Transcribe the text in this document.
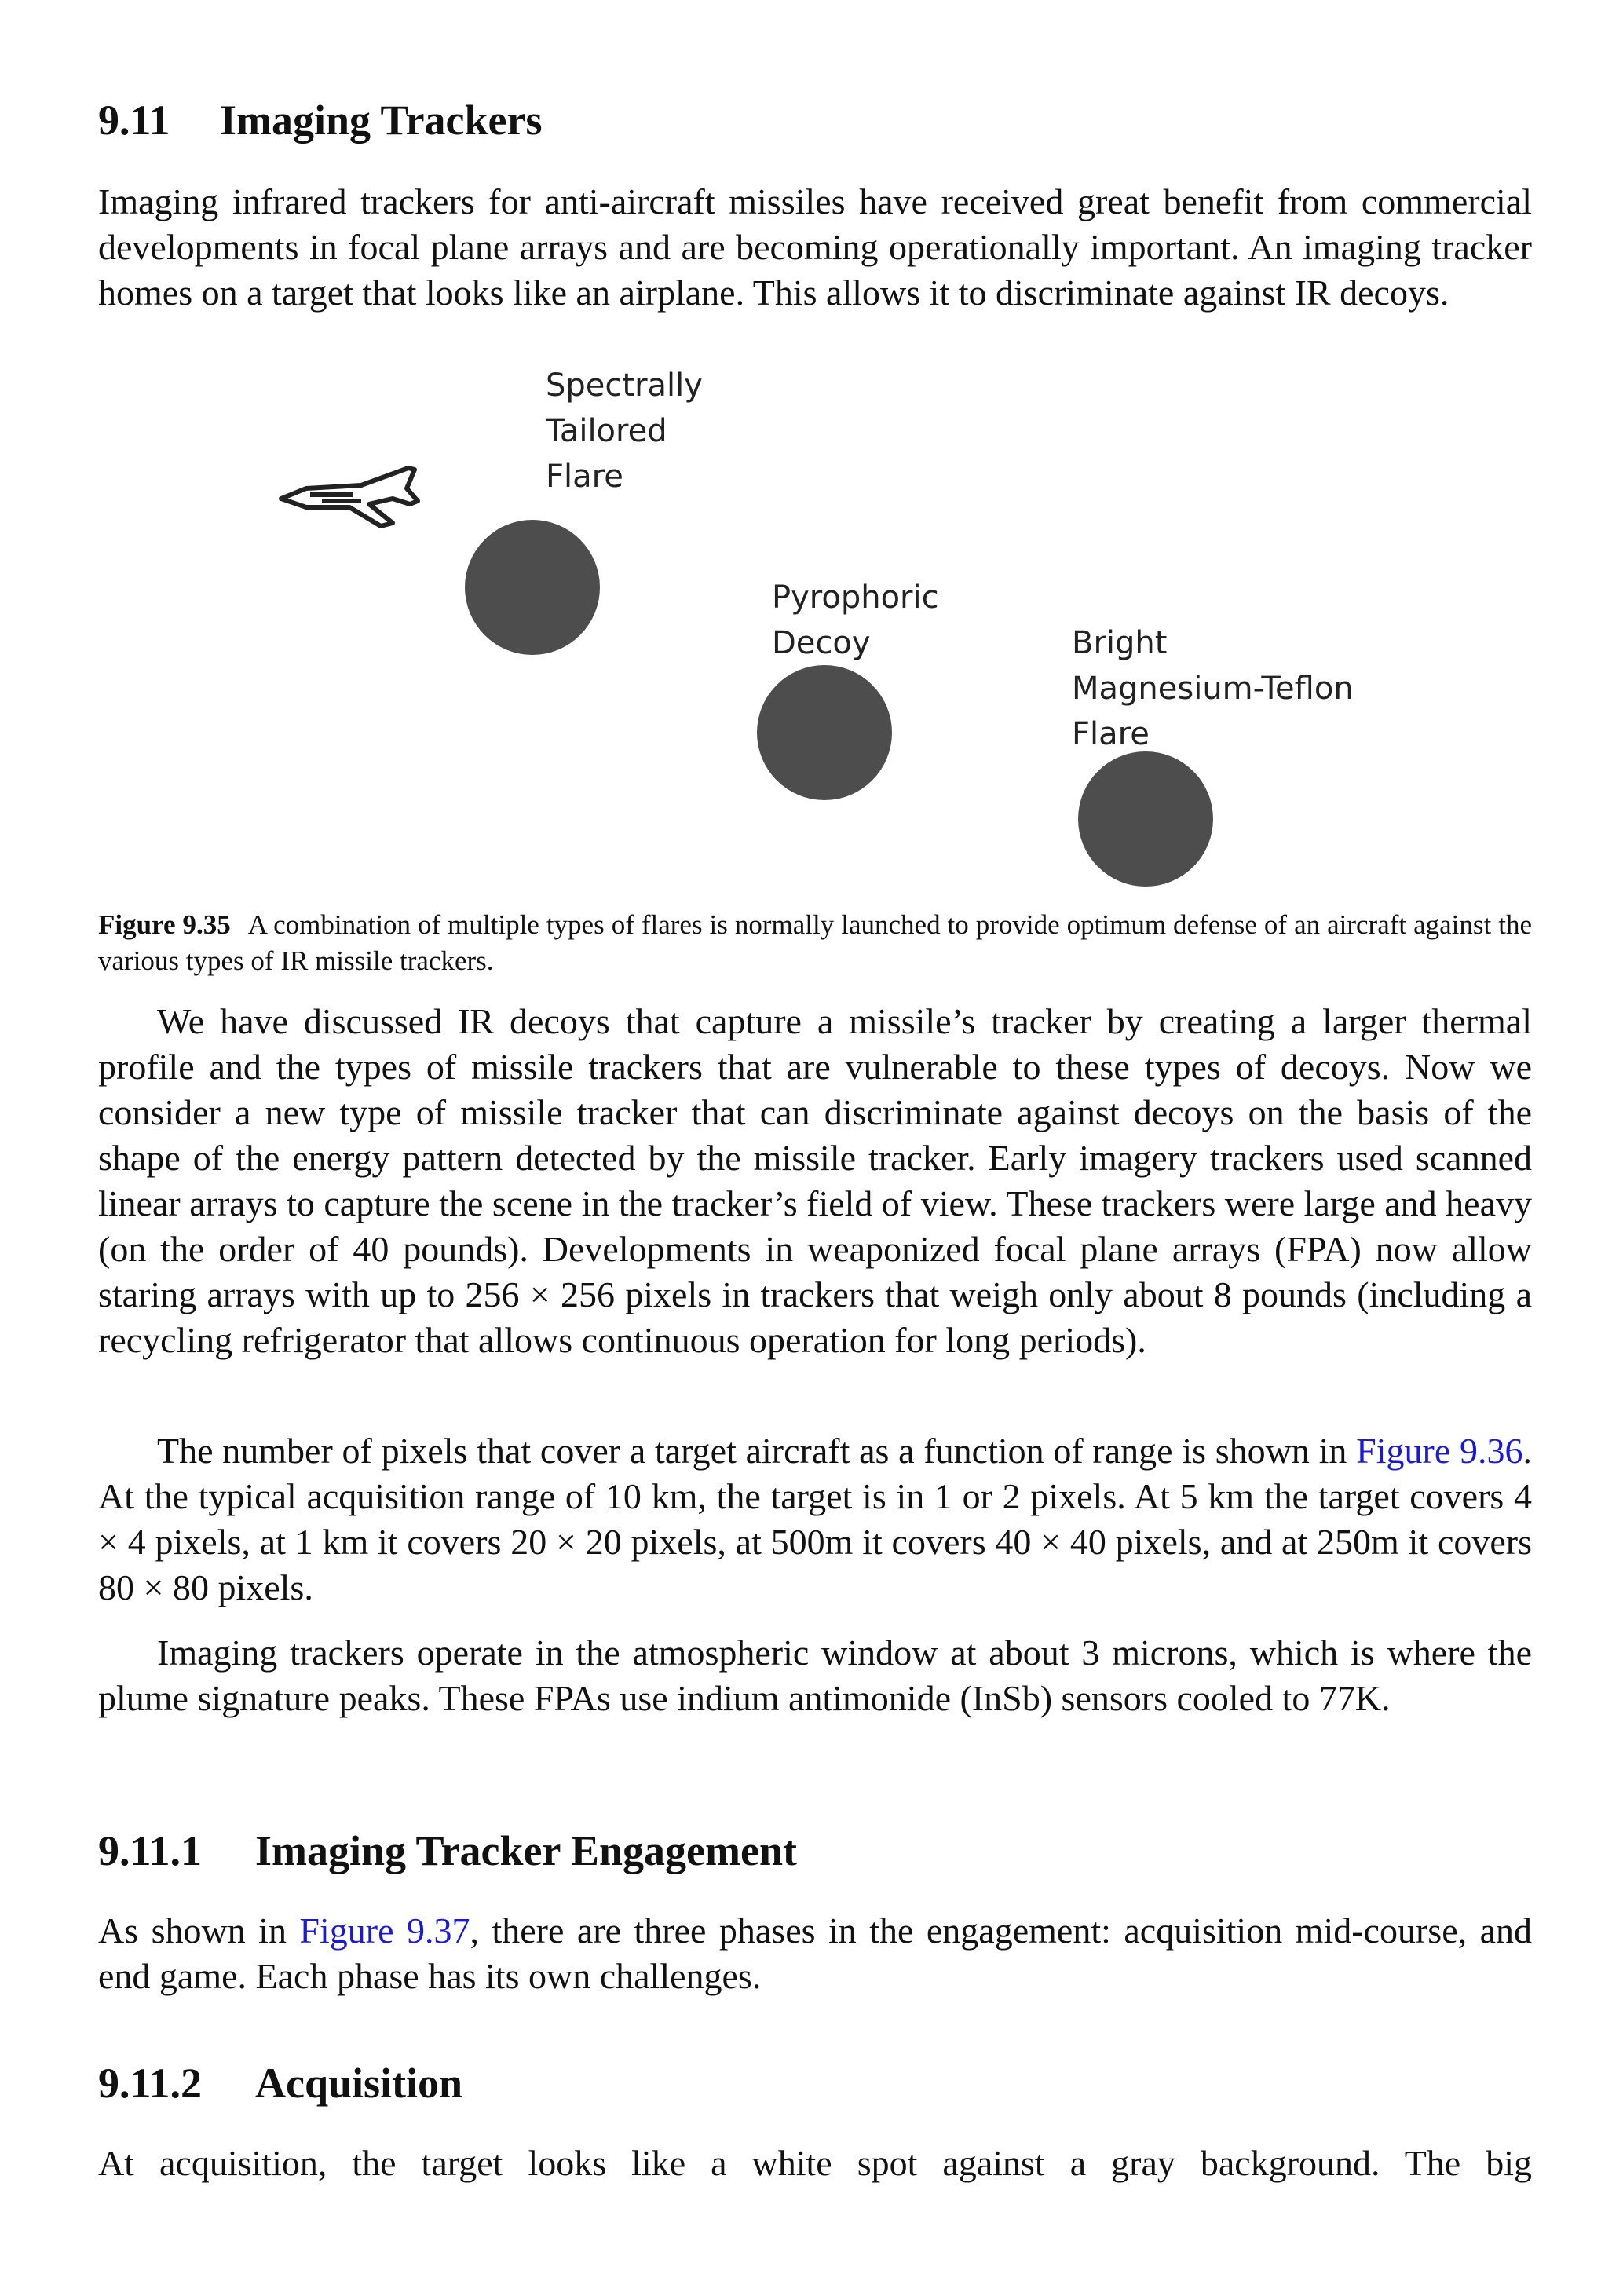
9.11 Imaging Trackers

Imaging infrared trackers for anti-aircraft missiles have received great benefit from commercial developments in focal plane arrays and are becoming operationally important. An imaging tracker homes on a target that looks like an airplane. This allows it to discriminate against IR decoys.

Spectrally
Tailored
Flare
Pyrophoric
Decoy	Bright
Magnesium-Teflon
Flare

Figure 9.35 A combination of multiple types of flares is normally launched to provide optimum defense of an aircraft against the various types of IR missile trackers.

We have discussed IR decoys that capture a missile’s tracker by creating a larger thermal profile and the types of missile trackers that are vulnerable to these types of decoys. Now we consider a new type of missile tracker that can discriminate against decoys on the basis of the shape of the energy pattern detected by the missile tracker. Early imagery trackers used scanned linear arrays to capture the scene in the tracker’s field of view. These trackers were large and heavy (on the order of 40 pounds). Developments in weaponized focal plane arrays (FPA) now allow staring arrays with up to 256 × 256 pixels in trackers that weigh only about 8 pounds (including a recycling refrigerator that allows continuous operation for long periods).

The number of pixels that cover a target aircraft as a function of range is shown in Figure 9.36. At the typical acquisition range of 10 km, the target is in 1 or 2 pixels. At 5 km the target covers 4 × 4 pixels, at 1 km it covers 20 × 20 pixels, at 500m it covers 40 × 40 pixels, and at 250m it covers 80 × 80 pixels.

Imaging trackers operate in the atmospheric window at about 3 microns, which is where the plume signature peaks. These FPAs use indium antimonide (InSb) sensors cooled to 77K.

9.11.1 Imaging Tracker Engagement

As shown in Figure 9.37, there are three phases in the engagement: acquisition mid-course, and end game. Each phase has its own challenges.

9.11.2 Acquisition

At acquisition, the target looks like a white spot against a gray background. The big
